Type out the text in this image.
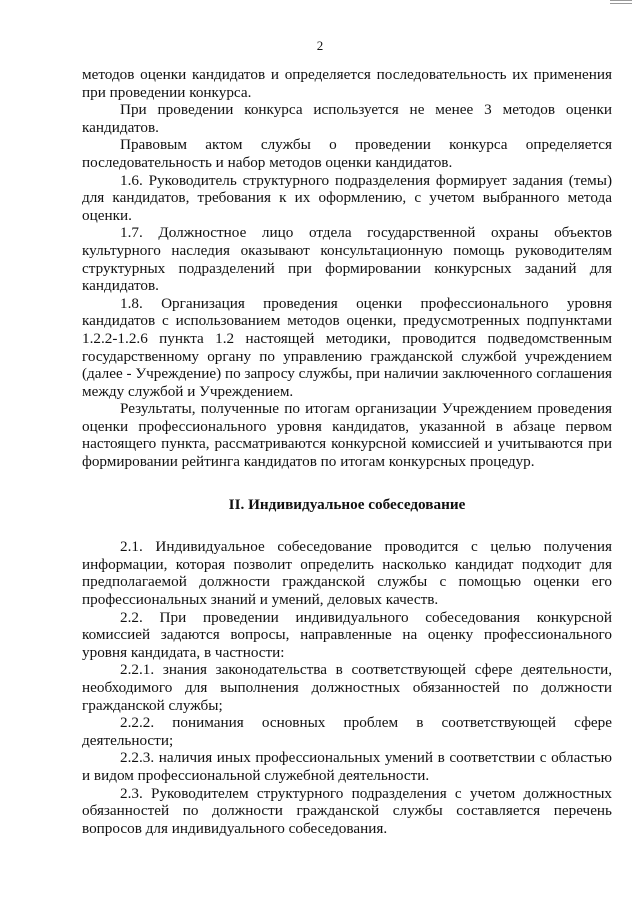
2

методов оценки кандидатов и определяется последовательность их применения при проведении конкурса.

При проведении конкурса используется не менее 3 методов оценки кандидатов.

Правовым актом службы о проведении конкурса определяется последовательность и набор методов оценки кандидатов.

1.6. Руководитель структурного подразделения формирует задания (темы) для кандидатов, требования к их оформлению, с учетом выбранного метода оценки.

1.7. Должностное лицо отдела государственной охраны объектов культурного наследия оказывают консультационную помощь руководителям структурных подразделений при формировании конкурсных заданий для кандидатов.

1.8. Организация проведения оценки профессионального уровня кандидатов с использованием методов оценки, предусмотренных подпунктами 1.2.2-1.2.6 пункта 1.2 настоящей методики, проводится подведомственным государственному органу по управлению гражданской службой учреждением (далее - Учреждение) по запросу службы, при наличии заключенного соглашения между службой и Учреждением.

Результаты, полученные по итогам организации Учреждением проведения оценки профессионального уровня кандидатов, указанной в абзаце первом настоящего пункта, рассматриваются конкурсной комиссией и учитываются при формировании рейтинга кандидатов по итогам конкурсных процедур.

II. Индивидуальное собеседование

2.1. Индивидуальное собеседование проводится с целью получения информации, которая позволит определить насколько кандидат подходит для предполагаемой должности гражданской службы с помощью оценки его профессиональных знаний и умений, деловых качеств.

2.2. При проведении индивидуального собеседования конкурсной комиссией задаются вопросы, направленные на оценку профессионального уровня кандидата, в частности:

2.2.1. знания законодательства в соответствующей сфере деятельности, необходимого для выполнения должностных обязанностей по должности гражданской службы;

2.2.2. понимания основных проблем в соответствующей сфере деятельности;

2.2.3. наличия иных профессиональных умений в соответствии с областью и видом профессиональной служебной деятельности.

2.3. Руководителем структурного подразделения с учетом должностных обязанностей по должности гражданской службы составляется перечень вопросов для индивидуального собеседования.
